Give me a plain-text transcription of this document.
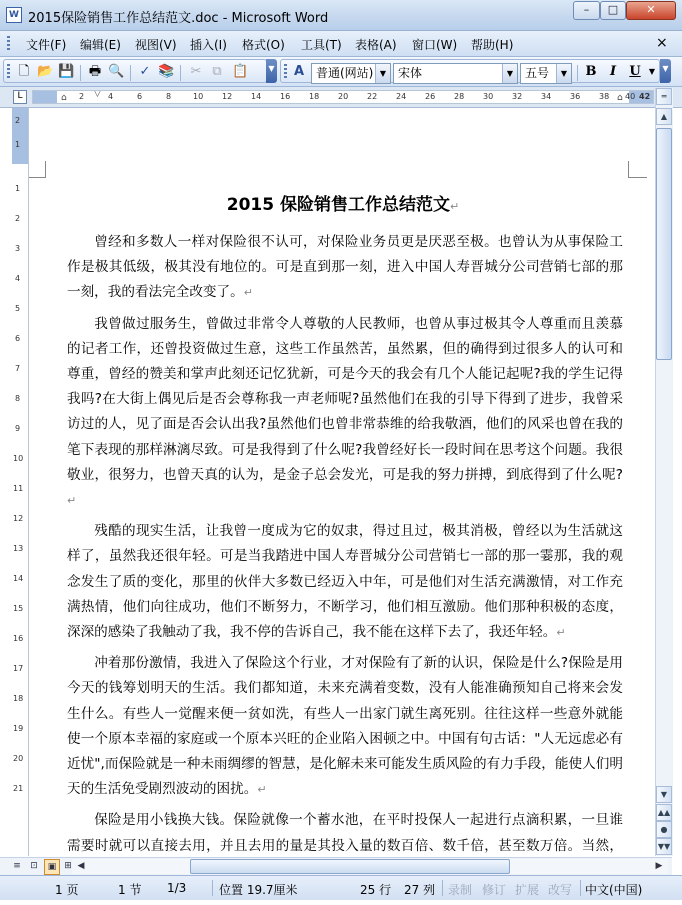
W 2015保险销售工作总结范文.doc - Microsoft Word
–	□	✕
文件(F) 编辑(E) 视图(V) 插入(I) 格式(O) 工具(T) 表格(A) 窗口(W) 帮助(H)	×
🗋 📂 💾 🖶 🔍 ✓ 📚 ✂ ⧉ 📋	▼ A 普通(网站) ▼ 宋体	▼ 五号	▼	B	I	U	▼ ▼
L	2	4	6	8	10 12 14 16 18 20 22 24 26 28 30 32 34 36 38 40 42
⌂	▽	⌂
2
1
1
2
3
4
5
6
7
8
9
10
11
12
13
14
15
16
17
18
19
20
21
2015 保险销售工作总结范文↵

曾经和多数人一样对保险很不认可，对保险业务员更是厌恶至极。也曾认为从事保险工作是极其低级，极其没有地位的。可是直到那一刻，进入中国人寿晋城分公司营销七部的那一刻，我的看法完全改变了。↵

我曾做过服务生，曾做过非常令人尊敬的人民教师，也曾从事过极其令人尊重而且羡慕的记者工作，还曾投资做过生意，这些工作虽然苦，虽然累，但的确得到过很多人的认可和尊重，曾经的赞美和掌声此刻还记忆犹新，可是今天的我会有几个人能记起呢?我的学生记得我吗?在大街上偶见后是否会尊称我一声老师呢?虽然他们在我的引导下得到了进步，我曾采访过的人，见了面是否会认出我?虽然他们也曾非常恭维的给我敬酒，他们的风采也曾在我的笔下表现的那样淋漓尽致。可是我得到了什么呢?我曾经好长一段时间在思考这个问题。我很敬业，很努力，也曾天真的认为，是金子总会发光，可是我的努力拼搏，到底得到了什么呢?↵

残酷的现实生活，让我曾一度成为它的奴隶，得过且过，极其消极，曾经以为生活就这样了，虽然我还很年轻。可是当我踏进中国人寿晋城分公司营销七一部的那一霎那，我的观念发生了质的变化，那里的伙伴大多数已经迈入中年，可是他们对生活充满激情，对工作充满热情，他们向往成功，他们不断努力，不断学习，他们相互激励。他们那种积极的态度，深深的感染了我触动了我，我不停的告诉自己，我不能在这样下去了，我还年轻。↵

冲着那份激情，我进入了保险这个行业，才对保险有了新的认识，保险是什么?保险是用今天的钱筹划明天的生活。我们都知道，未来充满着变数，没有人能准确预知自己将来会发生什么。有些人一觉醒来便一贫如洗，有些人一出家门就生离死别。往往这样一些意外就能使一个原本幸福的家庭或一个原本兴旺的企业陷入困顿之中。中国有句古话："人无远虑必有近忧",而保险就是一种未雨绸缪的智慧，是化解未来可能发生质风险的有力手段，能使人们明天的生活免受剧烈波动的困扰。↵

保险是用小钱换大钱。保险就像一个蓄水池，在平时投保人一起进行点滴积累，一旦谁需要时就可以直接去用，并且去用的量是其投入量的数百倍、数千倍，甚至数万倍。当然，

═
▲
▼
▲▲
●
▼▼
≡	⊡	▣ ⊞ ◀	▶
1 页	1 节 1/3	位置 19.7厘米	25 行 27 列 录制 修订 扩展 改写 中文(中国)
